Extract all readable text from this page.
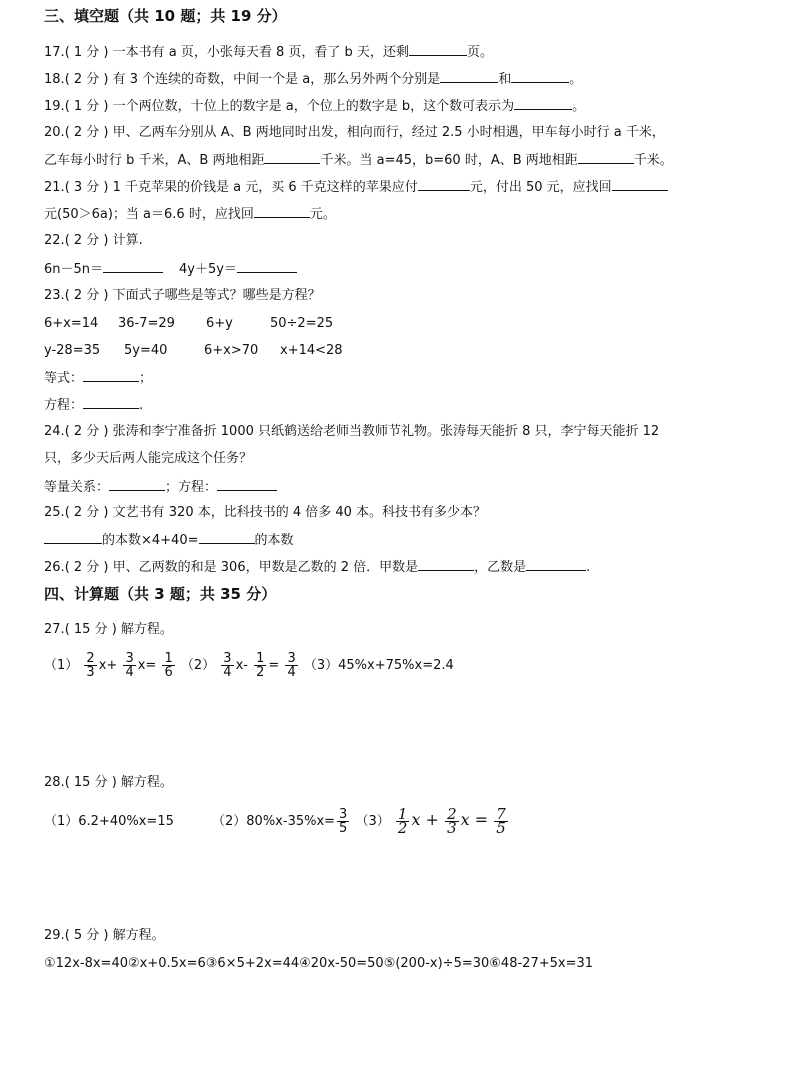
三、填空题（共 10 题；共 19 分）
17.( 1 分 ) 一本书有 a 页，小张每天看 8 页，看了 b 天，还剩	页。
18.( 2 分 ) 有 3 个连续的奇数，中间一个是 a，那么另外两个分别是	和	。
19.( 1 分 ) 一个两位数，十位上的数字是 a，个位上的数字是 b，这个数可表示为	。
20.( 2 分 ) 甲、乙两车分别从 A、B 两地同时出发，相向而行，经过 2.5 小时相遇，甲车每小时行 a 千米，
乙车每小时行 b 千米，A、B 两地相距	千米。当 a=45，b=60 时，A、B 两地相距	千米。
21.( 3 分 ) 1 千克苹果的价钱是 a 元，买 6 千克这样的苹果应付	元，付出 50 元，应找回
元(50＞6a)；当 a＝6.6 时，应找回	元。
22.( 2 分 ) 计算.
6n－5n＝	4y＋5y＝
23.( 2 分 ) 下面式子哪些是等式？哪些是方程？
6+x=14 36-7=29 6+y	50÷2=25
y-28=35 5y=40	6+x>70 x+14<28
等式：	；
方程：	.
24.( 2 分 ) 张涛和李宁准备折 1000 只纸鹤送给老师当教师节礼物。张涛每天能折 8 只，李宁每天能折 12
只，多少天后两人能完成这个任务？
等量关系：	；方程：
25.( 2 分 ) 文艺书有 320 本，比科技书的 4 倍多 40 本。科技书有多少本？
的本数×4+40=	的本数
26.( 2 分 ) 甲、乙两数的和是 306，甲数是乙数的 2 倍．甲数是	，乙数是	.
四、计算题（共 3 题；共 35 分）
27.( 15 分 ) 解方程。
$(1) \frac{2}{3} x+ \frac{3}{4} x= \frac{1}{6} (2) \frac{3}{4} x- \frac{1}{2} = \frac{3}{4} (3)45\%x+75\%x=2.4$
28.( 15 分 ) 解方程。
（1）6.2+40%x=15	$(2)80\%x-35\%x= \frac{3}{5} (3) \frac{1}{2}$ $x + \frac{2}{3}$ $x = \frac{7}{5}$
29.( 5 分 ) 解方程。
①12x-8x=40②x+0.5x=6③6×5+2x=44④20x-50=50⑤(200-x)÷5=30⑥48-27+5x=31
